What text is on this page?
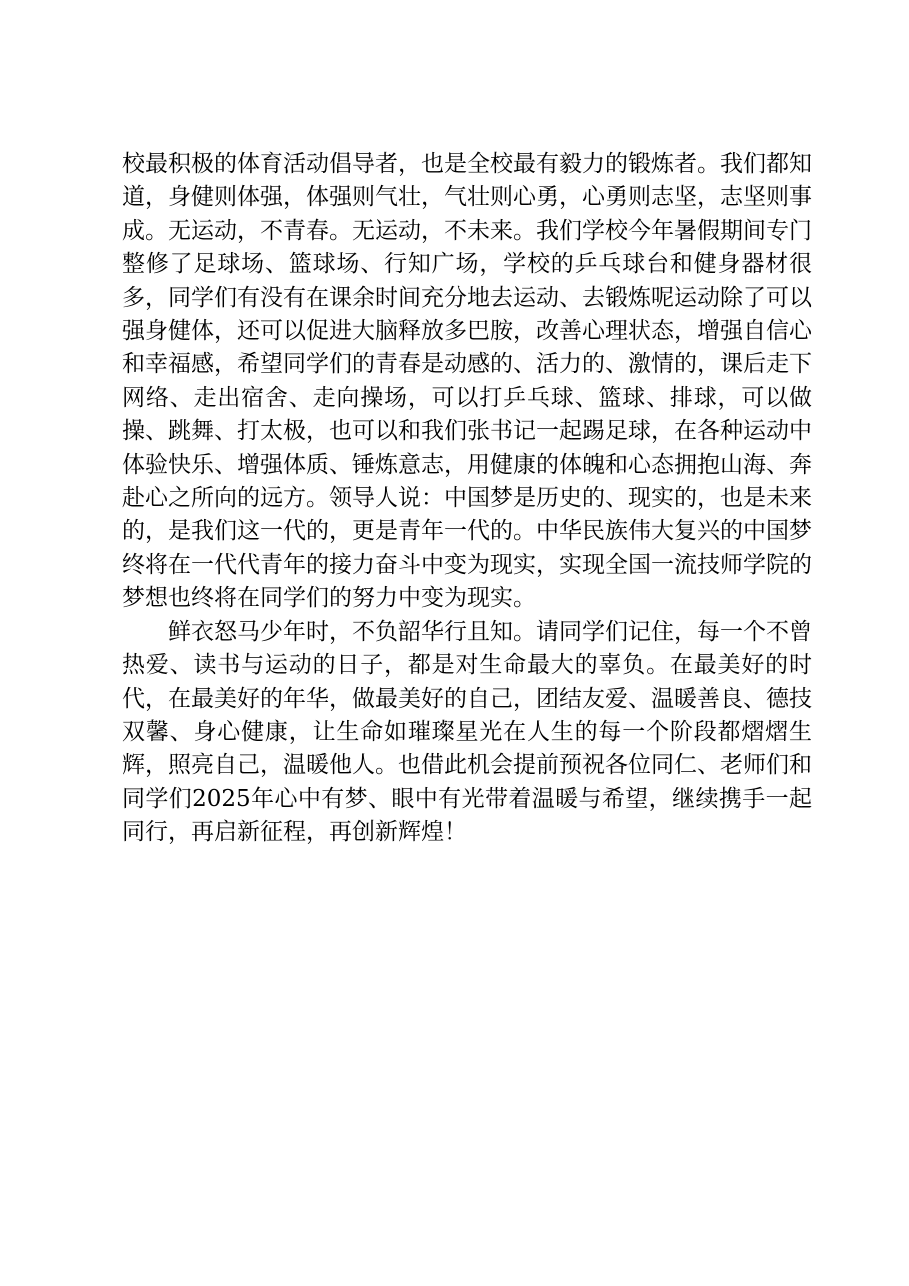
校最积极的体育活动倡导者，也是全校最有毅力的锻炼者。我们都知道，身健则体强，体强则气壮，气壮则心勇，心勇则志坚，志坚则事成。无运动，不青春。无运动，不未来。我们学校今年暑假期间专门整修了足球场、篮球场、行知广场，学校的乒乓球台和健身器材很多，同学们有没有在课余时间充分地去运动、去锻炼呢运动除了可以强身健体，还可以促进大脑释放多巴胺，改善心理状态，增强自信心和幸福感，希望同学们的青春是动感的、活力的、激情的，课后走下网络、走出宿舍、走向操场，可以打乒乓球、篮球、排球，可以做操、跳舞、打太极，也可以和我们张书记一起踢足球，在各种运动中体验快乐、增强体质、锤炼意志，用健康的体魄和心态拥抱山海、奔赴心之所向的远方。领导人说：中国梦是历史的、现实的，也是未来的，是我们这一代的，更是青年一代的。中华民族伟大复兴的中国梦终将在一代代青年的接力奋斗中变为现实，实现全国一流技师学院的梦想也终将在同学们的努力中变为现实。

鲜衣怒马少年时，不负韶华行且知。请同学们记住，每一个不曾热爱、读书与运动的日子，都是对生命最大的辜负。在最美好的时代，在最美好的年华，做最美好的自己，团结友爱、温暖善良、德技双馨、身心健康，让生命如璀璨星光在人生的每一个阶段都熠熠生辉，照亮自己，温暖他人。也借此机会提前预祝各位同仁、老师们和同学们2025年心中有梦、眼中有光带着温暖与希望，继续携手一起同行，再启新征程，再创新辉煌！
